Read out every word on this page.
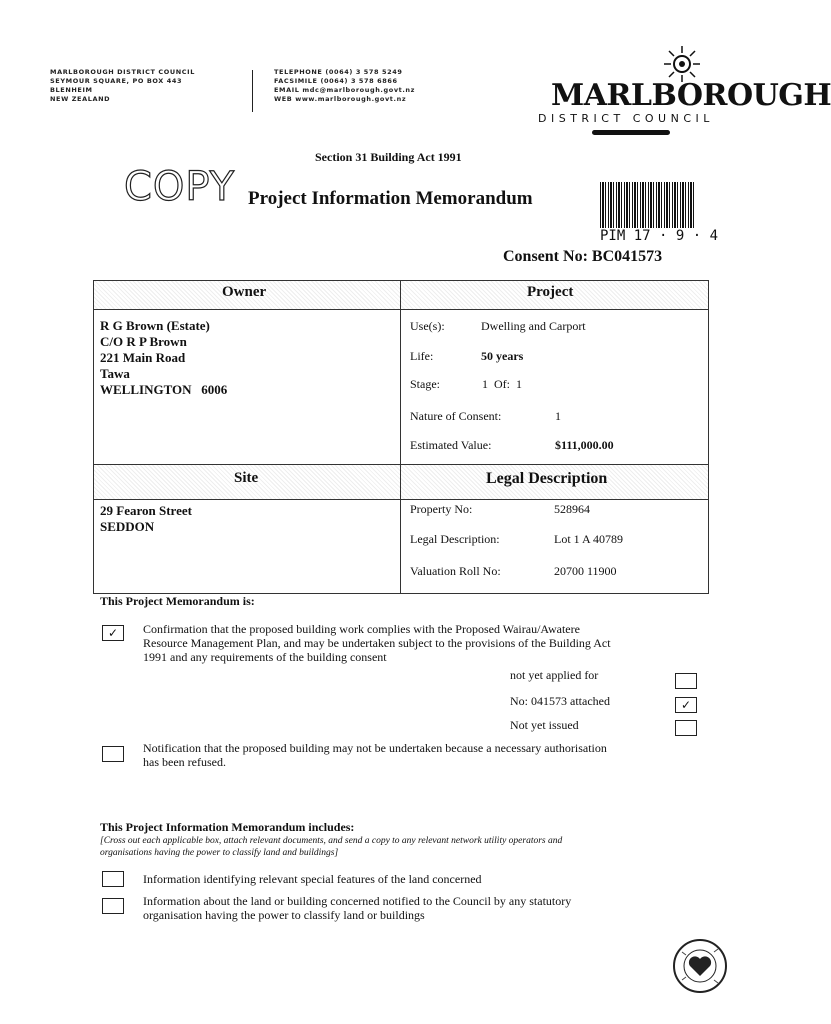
MARLBOROUGH DISTRICT COUNCIL
SEYMOUR SQUARE, PO BOX 443
BLENHEIM
NEW ZEALAND
TELEPHONE (0064) 3 578 5249
FACSIMILE (0064) 3 578 6866
EMAIL mdc@marlborough.govt.nz
WEB www.marlborough.govt.nz	MARLBOROUGH
DISTRICT COUNCIL
Section 31 Building Act 1991
COPY Project Information Memorandum
PIM 17 · 9 · 4
Consent No: BC041573
Owner	Project
R G Brown (Estate)
C/O R P Brown
221 Main Road
Tawa
WELLINGTON   6006
Use(s):	Dwelling and Carport
Life:	50 years
Stage:	1  Of:  1
Nature of Consent:	1
Estimated Value:	$111,000.00
Site	Legal Description
29 Fearon Street
SEDDON
Property No:	528964
Legal Description:	Lot 1 A 40789
Valuation Roll No:	20700 11900
This Project Memorandum is:
✓	Confirmation that the proposed building work complies with the Proposed Wairau/Awatere
Resource Management Plan, and may be undertaken subject to the provisions of the Building Act
1991 and any requirements of the building consent
not yet applied for
No: 041573 attached	✓
Not yet issued
Notification that the proposed building may not be undertaken because a necessary authorisation
has been refused.
This Project Information Memorandum includes:
[Cross out each applicable box, attach relevant documents, and send a copy to any relevant network utility operators and
organisations having the power to classify land and buildings]
Information identifying relevant special features of the land concerned
Information about the land or building concerned notified to the Council by any statutory
organisation having the power to classify land or buildings
